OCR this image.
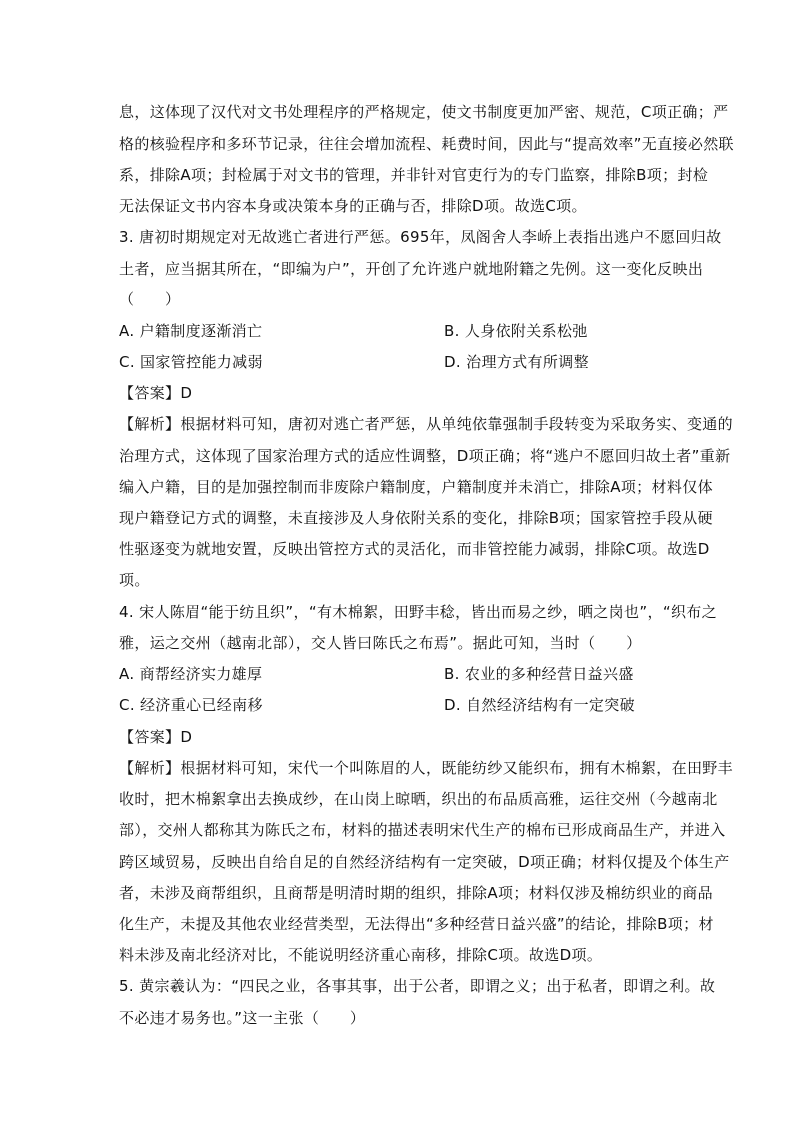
息，这体现了汉代对文书处理程序的严格规定，使文书制度更加严密、规范，C项正确；严
格的核验程序和多环节记录，往往会增加流程、耗费时间，因此与“提高效率”无直接必然联
系，排除A项；封检属于对文书的管理，并非针对官吏行为的专门监察，排除B项；封检
无法保证文书内容本身或决策本身的正确与否，排除D项。故选C项。
3. 唐初时期规定对无故逃亡者进行严惩。695年，凤阁舍人李峤上表指出逃户不愿回归故
土者，应当据其所在，“即编为户”，开创了允许逃户就地附籍之先例。这一变化反映出
（　　）
A. 户籍制度逐渐消亡	B. 人身依附关系松弛
C. 国家管控能力减弱	D. 治理方式有所调整
【答案】D
【解析】根据材料可知，唐初对逃亡者严惩，从单纯依靠强制手段转变为采取务实、变通的
治理方式，这体现了国家治理方式的适应性调整，D项正确；将“逃户不愿回归故土者”重新
编入户籍，目的是加强控制而非废除户籍制度，户籍制度并未消亡，排除A项；材料仅体
现户籍登记方式的调整，未直接涉及人身依附关系的变化，排除B项；国家管控手段从硬
性驱逐变为就地安置，反映出管控方式的灵活化，而非管控能力减弱，排除C项。故选D
项。
4. 宋人陈眉“能于纺且织”，“有木棉絮，田野丰稔，皆出而易之纱，晒之岗也”，“织布之
雅，运之交州（越南北部），交人皆曰陈氏之布焉”。据此可知，当时（　　）
A. 商帮经济实力雄厚	B. 农业的多种经营日益兴盛
C. 经济重心已经南移	D. 自然经济结构有一定突破
【答案】D
【解析】根据材料可知，宋代一个叫陈眉的人，既能纺纱又能织布，拥有木棉絮，在田野丰
收时，把木棉絮拿出去换成纱，在山岗上晾晒，织出的布品质高雅，运往交州（今越南北
部），交州人都称其为陈氏之布，材料的描述表明宋代生产的棉布已形成商品生产，并进入
跨区域贸易，反映出自给自足的自然经济结构有一定突破，D项正确；材料仅提及个体生产
者，未涉及商帮组织，且商帮是明清时期的组织，排除A项；材料仅涉及棉纺织业的商品
化生产，未提及其他农业经营类型，无法得出“多种经营日益兴盛”的结论，排除B项；材
料未涉及南北经济对比，不能说明经济重心南移，排除C项。故选D项。
5. 黄宗羲认为：“四民之业，各事其事，出于公者，即谓之义；出于私者，即谓之利。故
不必违才易务也。”这一主张（　　）
